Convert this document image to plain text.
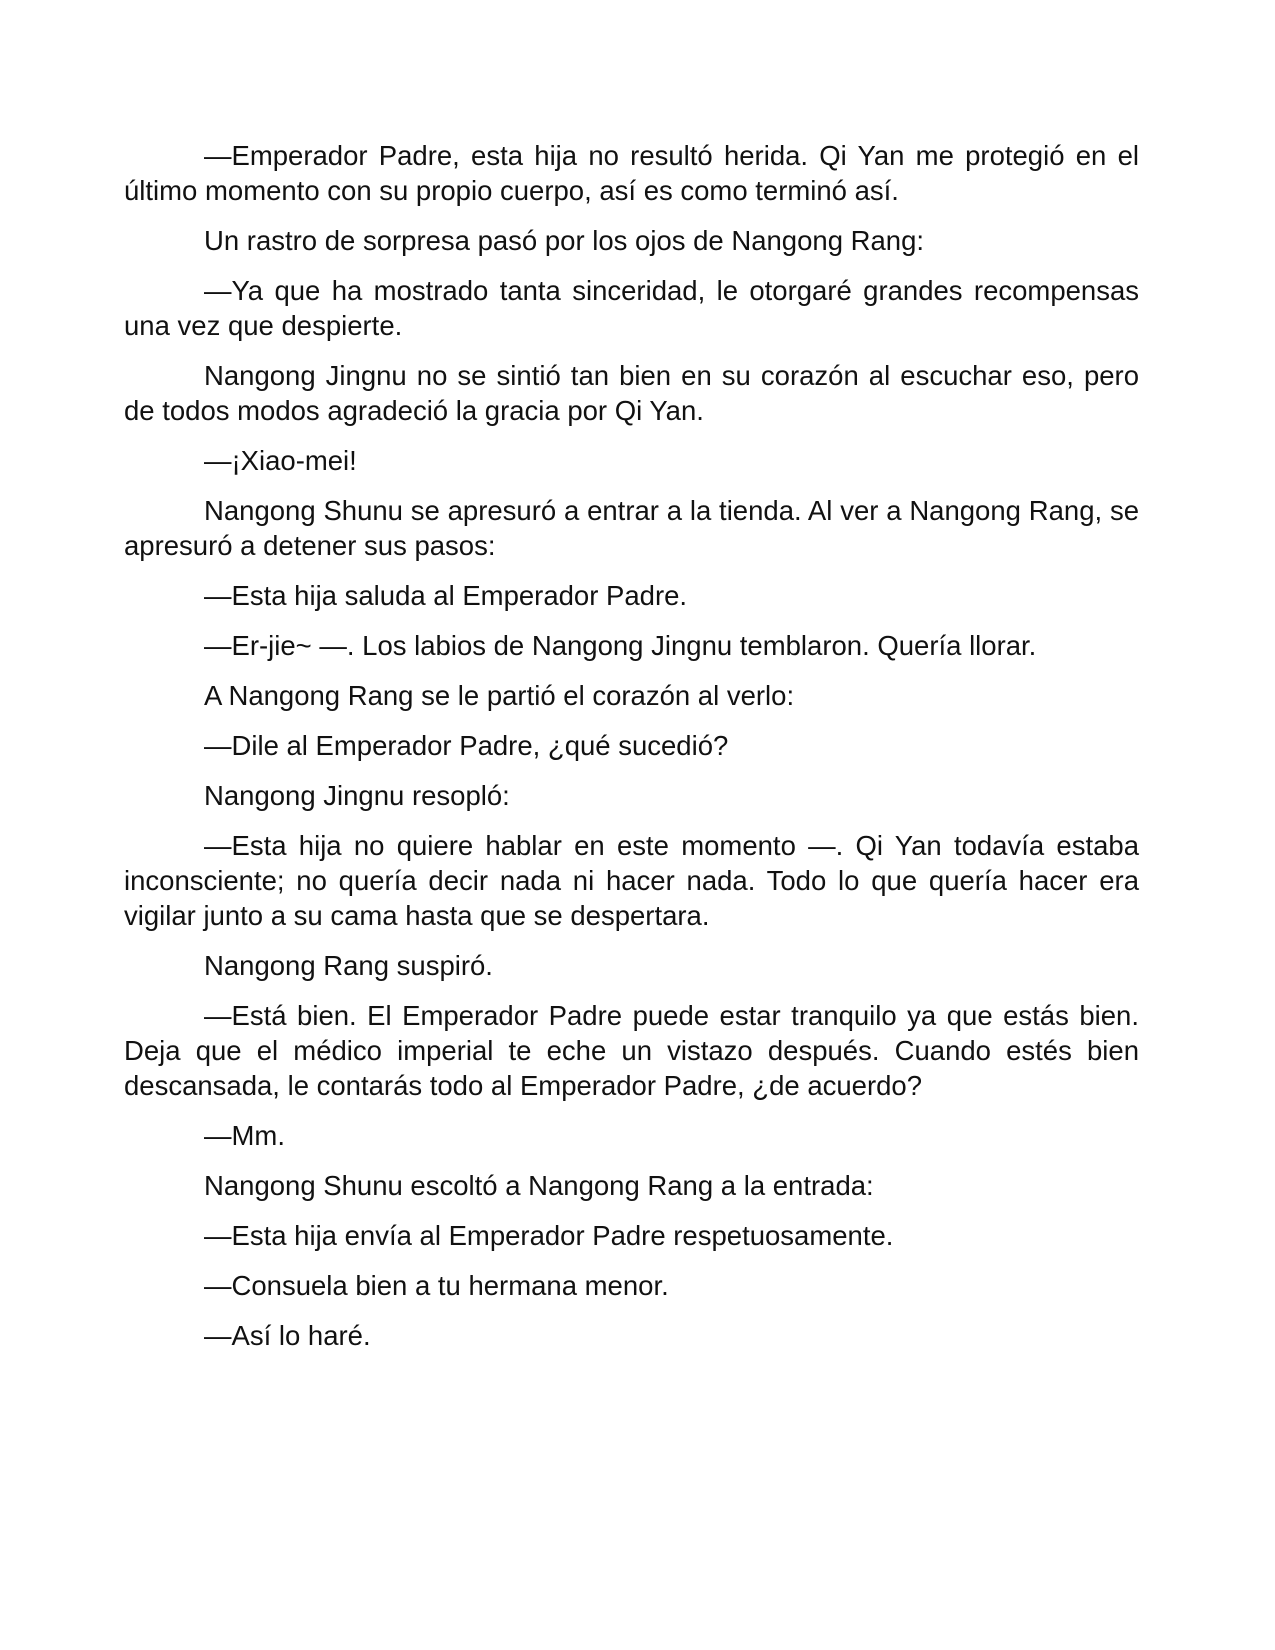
—Emperador Padre, esta hija no resultó herida. Qi Yan me protegió en el último momento con su propio cuerpo, así es como terminó así.

Un rastro de sorpresa pasó por los ojos de Nangong Rang:

—Ya que ha mostrado tanta sinceridad, le otorgaré grandes recompensas una vez que despierte.

Nangong Jingnu no se sintió tan bien en su corazón al escuchar eso, pero de todos modos agradeció la gracia por Qi Yan.

—¡Xiao-mei!

Nangong Shunu se apresuró a entrar a la tienda. Al ver a Nangong Rang, se apresuró a detener sus pasos:

—Esta hija saluda al Emperador Padre.

—Er-jie~ —. Los labios de Nangong Jingnu temblaron. Quería llorar.

A Nangong Rang se le partió el corazón al verlo:

—Dile al Emperador Padre, ¿qué sucedió?

Nangong Jingnu resopló:

—Esta hija no quiere hablar en este momento —. Qi Yan todavía estaba inconsciente; no quería decir nada ni hacer nada. Todo lo que quería hacer era vigilar junto a su cama hasta que se despertara.

Nangong Rang suspiró.

—Está bien. El Emperador Padre puede estar tranquilo ya que estás bien. Deja que el médico imperial te eche un vistazo después. Cuando estés bien descansada, le contarás todo al Emperador Padre, ¿de acuerdo?

—Mm.

Nangong Shunu escoltó a Nangong Rang a la entrada:

—Esta hija envía al Emperador Padre respetuosamente.

—Consuela bien a tu hermana menor.

—Así lo haré.
